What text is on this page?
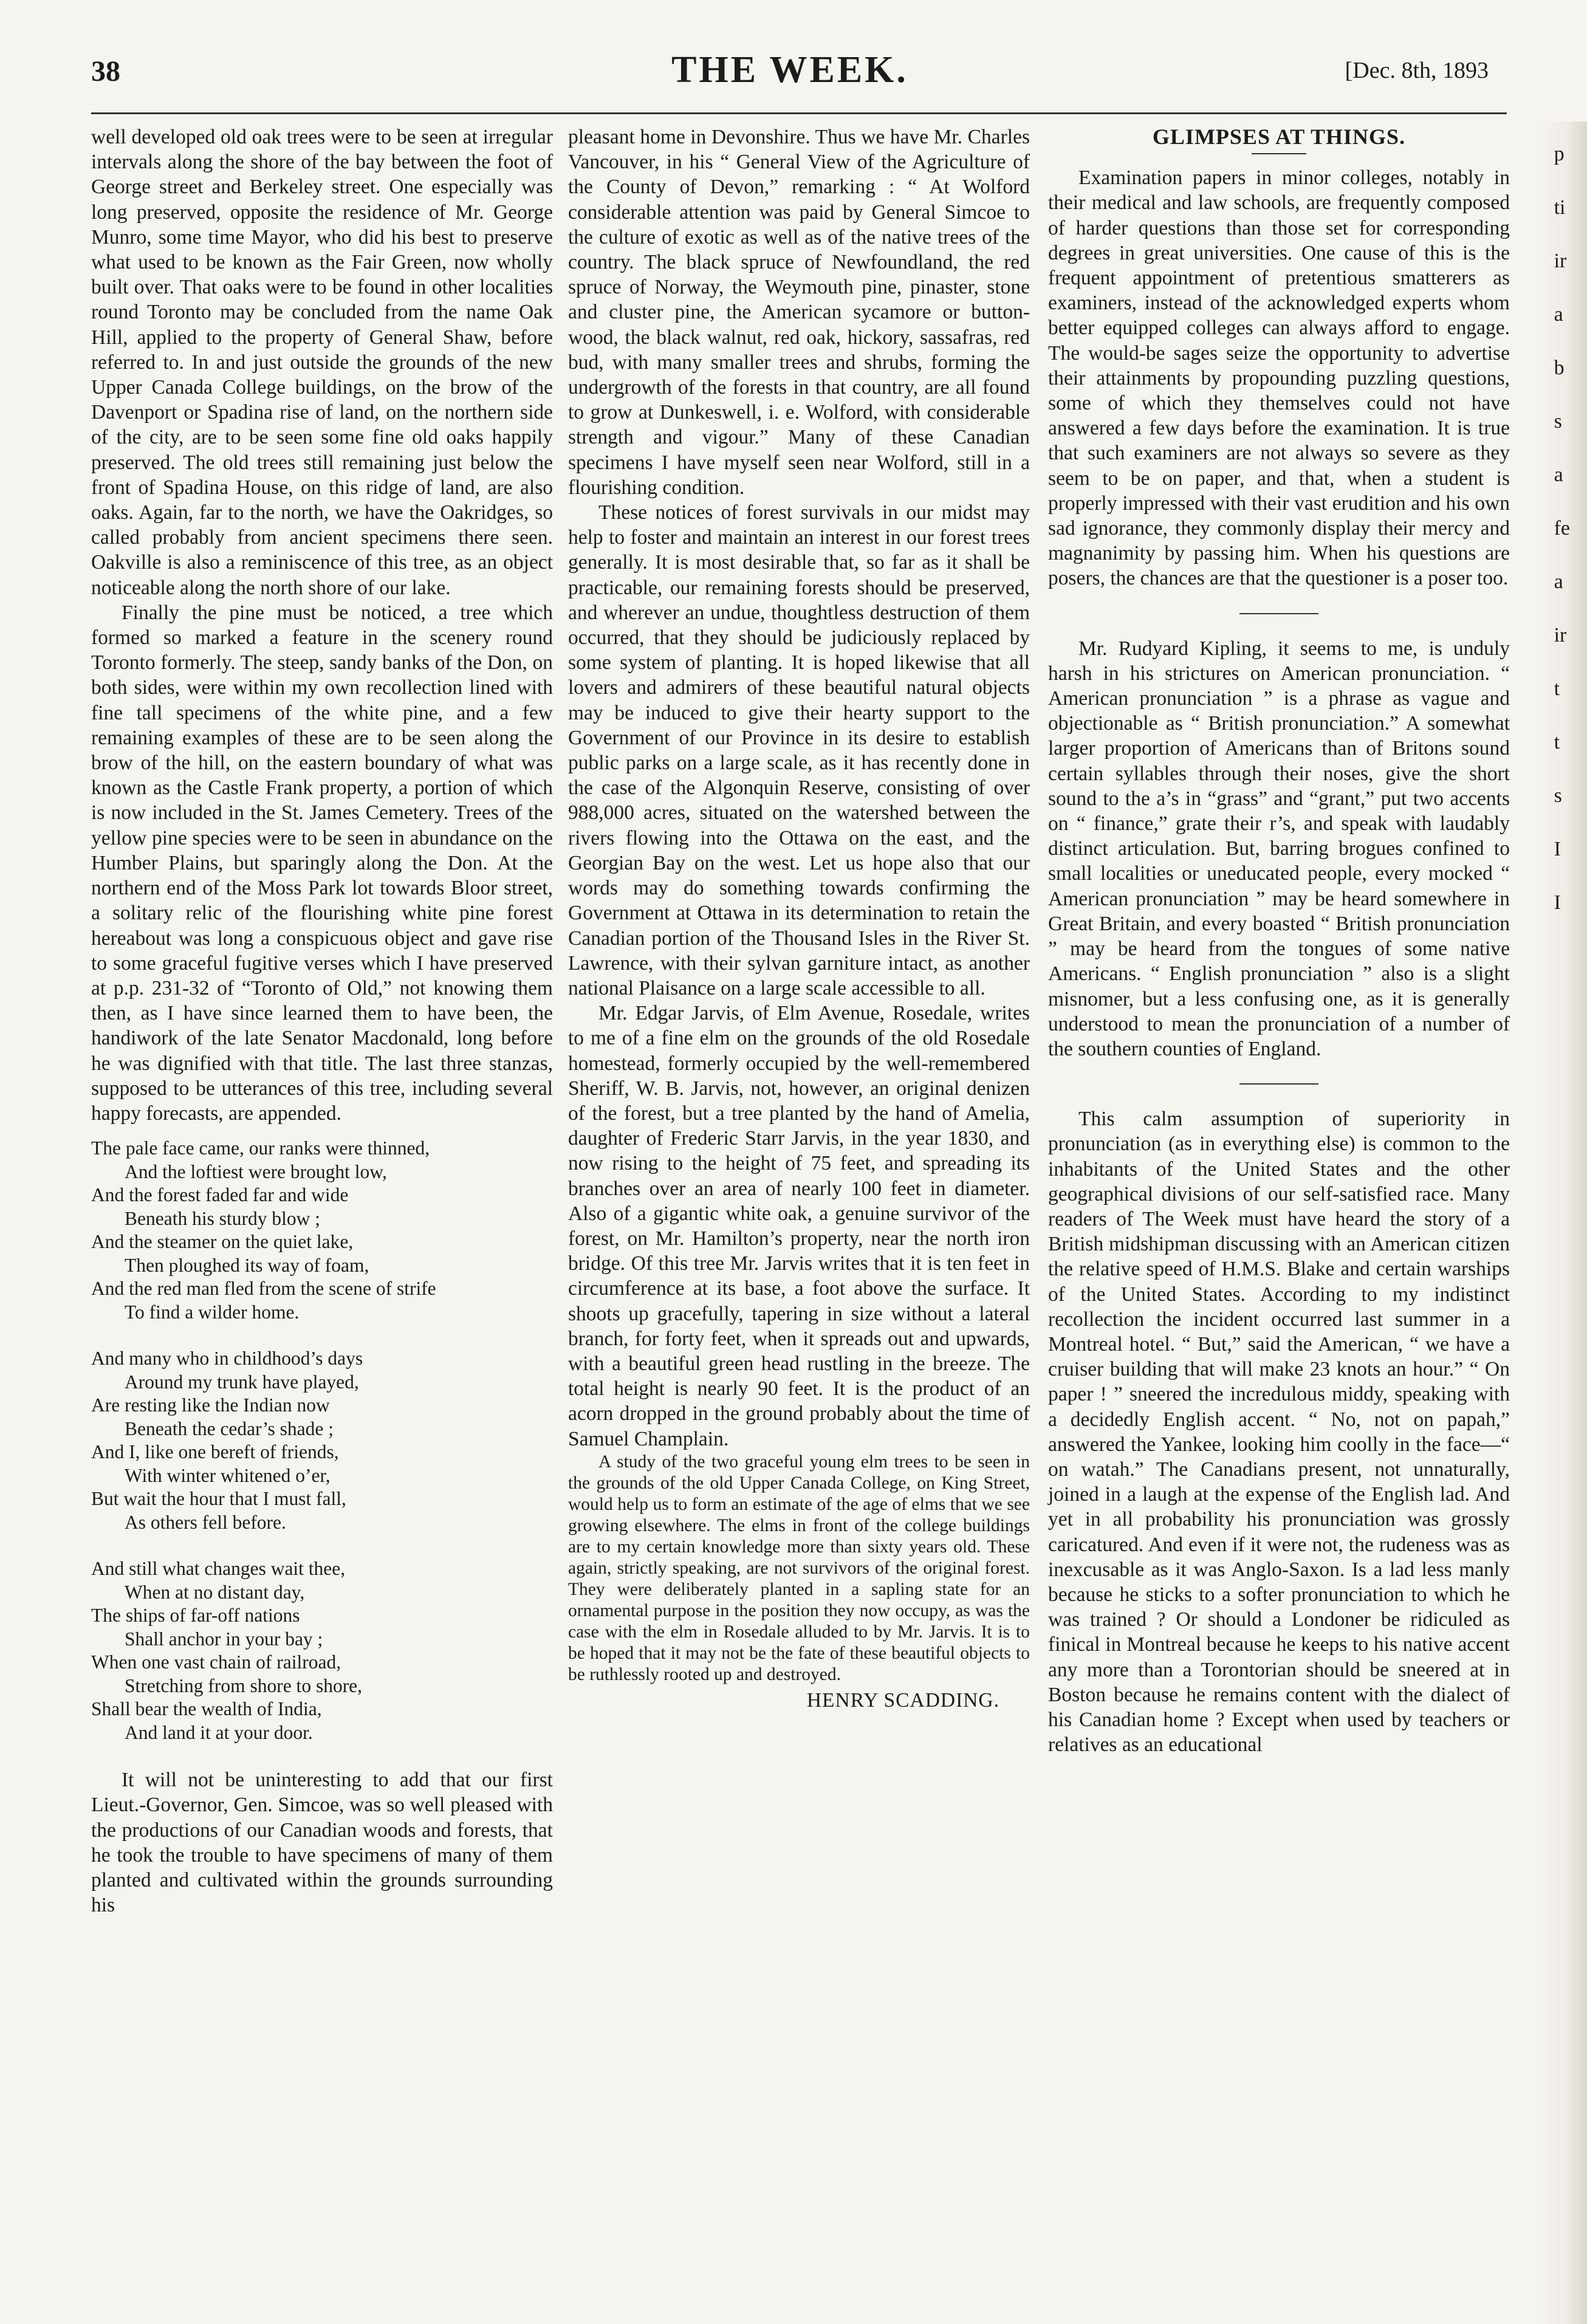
38	THE WEEK.	[Dec. 8th, 1893

well developed old oak trees were to be seen at irregular intervals along the shore of the bay between the foot of George street and Berkeley street. One especially was long preserved, opposite the residence of Mr. George Munro, some time Mayor, who did his best to preserve what used to be known as the Fair Green, now wholly built over. That oaks were to be found in other localities round Toronto may be concluded from the name Oak Hill, applied to the property of General Shaw, before referred to. In and just outside the grounds of the new Upper Canada College buildings, on the brow of the Davenport or Spadina rise of land, on the northern side of the city, are to be seen some fine old oaks happily preserved. The old trees still remaining just below the front of Spadina House, on this ridge of land, are also oaks. Again, far to the north, we have the Oakridges, so called probably from ancient specimens there seen. Oakville is also a reminiscence of this tree, as an object noticeable along the north shore of our lake.

Finally the pine must be noticed, a tree which formed so marked a feature in the scenery round Toronto formerly. The steep, sandy banks of the Don, on both sides, were within my own recollection lined with fine tall specimens of the white pine, and a few remaining examples of these are to be seen along the brow of the hill, on the eastern boundary of what was known as the Castle Frank property, a portion of which is now included in the St. James Cemetery. Trees of the yellow pine species were to be seen in abundance on the Humber Plains, but sparingly along the Don. At the northern end of the Moss Park lot towards Bloor street, a solitary relic of the flourishing white pine forest hereabout was long a conspicuous object and gave rise to some graceful fugitive verses which I have preserved at p.p. 231-32 of “Toronto of Old,” not knowing them then, as I have since learned them to have been, the handiwork of the late Senator Macdonald, long before he was dignified with that title. The last three stanzas, supposed to be utterances of this tree, including several happy forecasts, are appended.

The pale face came, our ranks were thinned,
And the loftiest were brought low,
And the forest faded far and wide
Beneath his sturdy blow ;
And the steamer on the quiet lake,
Then ploughed its way of foam,
And the red man fled from the scene of strife
To find a wilder home.
And many who in childhood’s days
Around my trunk have played,
Are resting like the Indian now
Beneath the cedar’s shade ;
And I, like one bereft of friends,
With winter whitened o’er,
But wait the hour that I must fall,
As others fell before.
And still what changes wait thee,
When at no distant day,
The ships of far-off nations
Shall anchor in your bay ;
When one vast chain of railroad,
Stretching from shore to shore,
Shall bear the wealth of India,
And land it at your door.

It will not be uninteresting to add that our first Lieut.-Governor, Gen. Simcoe, was so well pleased with the productions of our Canadian woods and forests, that he took the trouble to have specimens of many of them planted and cultivated within the grounds surrounding his

pleasant home in Devonshire. Thus we have Mr. Charles Vancouver, in his “ General View of the Agriculture of the County of Devon,” remarking : “ At Wolford considerable attention was paid by General Simcoe to the culture of exotic as well as of the native trees of the country. The black spruce of Newfoundland, the red spruce of Norway, the Weymouth pine, pinaster, stone and cluster pine, the American sycamore or button-wood, the black walnut, red oak, hickory, sassafras, red bud, with many smaller trees and shrubs, forming the undergrowth of the forests in that country, are all found to grow at Dunkeswell, i. e. Wolford, with considerable strength and vigour.” Many of these Canadian specimens I have myself seen near Wolford, still in a flourishing condition.

These notices of forest survivals in our midst may help to foster and maintain an interest in our forest trees generally. It is most desirable that, so far as it shall be practicable, our remaining forests should be preserved, and wherever an undue, thoughtless destruction of them occurred, that they should be judiciously replaced by some system of planting. It is hoped likewise that all lovers and admirers of these beautiful natural objects may be induced to give their hearty support to the Government of our Province in its desire to establish public parks on a large scale, as it has recently done in the case of the Algonquin Reserve, consisting of over 988,000 acres, situated on the watershed between the rivers flowing into the Ottawa on the east, and the Georgian Bay on the west. Let us hope also that our words may do something towards confirming the Government at Ottawa in its determination to retain the Canadian portion of the Thousand Isles in the River St. Lawrence, with their sylvan garniture intact, as another national Plaisance on a large scale accessible to all.

Mr. Edgar Jarvis, of Elm Avenue, Rosedale, writes to me of a fine elm on the grounds of the old Rosedale homestead, formerly occupied by the well-remembered Sheriff, W. B. Jarvis, not, however, an original denizen of the forest, but a tree planted by the hand of Amelia, daughter of Frederic Starr Jarvis, in the year 1830, and now rising to the height of 75 feet, and spreading its branches over an area of nearly 100 feet in diameter. Also of a gigantic white oak, a genuine survivor of the forest, on Mr. Hamilton’s property, near the north iron bridge. Of this tree Mr. Jarvis writes that it is ten feet in circumference at its base, a foot above the surface. It shoots up gracefully, tapering in size without a lateral branch, for forty feet, when it spreads out and upwards, with a beautiful green head rustling in the breeze. The total height is nearly 90 feet. It is the product of an acorn dropped in the ground probably about the time of Samuel Champlain.

A study of the two graceful young elm trees to be seen in the grounds of the old Upper Canada College, on King Street, would help us to form an estimate of the age of elms that we see growing elsewhere. The elms in front of the college buildings are to my certain knowledge more than sixty years old. These again, strictly speaking, are not survivors of the original forest. They were deliberately planted in a sapling state for an ornamental purpose in the position they now occupy, as was the case with the elm in Rosedale alluded to by Mr. Jarvis. It is to be hoped that it may not be the fate of these beautiful objects to be ruthlessly rooted up and destroyed.

HENRY SCADDING.
GLIMPSES AT THINGS.

Examination papers in minor colleges, notably in their medical and law schools, are frequently composed of harder questions than those set for corresponding degrees in great universities. One cause of this is the frequent appointment of pretentious smatterers as examiners, instead of the acknowledged experts whom better equipped colleges can always afford to engage. The would-be sages seize the opportunity to advertise their attainments by propounding puzzling questions, some of which they themselves could not have answered a few days before the examination. It is true that such examiners are not always so severe as they seem to be on paper, and that, when a student is properly impressed with their vast erudition and his own sad ignorance, they commonly display their mercy and magnanimity by passing him. When his questions are posers, the chances are that the questioner is a poser too.

Mr. Rudyard Kipling, it seems to me, is unduly harsh in his strictures on American pronunciation. “ American pronunciation ” is a phrase as vague and objectionable as “ British pronunciation.” A somewhat larger proportion of Americans than of Britons sound certain syllables through their noses, give the short sound to the a’s in “grass” and “grant,” put two accents on “ finance,” grate their r’s, and speak with laudably distinct articulation. But, barring brogues confined to small localities or uneducated people, every mocked “ American pronunciation ” may be heard somewhere in Great Britain, and every boasted “ British pronunciation ” may be heard from the tongues of some native Americans. “ English pronunciation ” also is a slight misnomer, but a less confusing one, as it is generally understood to mean the pronunciation of a number of the southern counties of England.

This calm assumption of superiority in pronunciation (as in everything else) is common to the inhabitants of the United States and the other geographical divisions of our self-satisfied race. Many readers of The Week must have heard the story of a British midshipman discussing with an American citizen the relative speed of H.M.S. Blake and certain warships of the United States. According to my indistinct recollection the incident occurred last summer in a Montreal hotel. “ But,” said the American, “ we have a cruiser building that will make 23 knots an hour.” “ On paper ! ” sneered the incredulous middy, speaking with a decidedly English accent. “ No, not on papah,” answered the Yankee, looking him coolly in the face—“ on watah.” The Canadians present, not unnaturally, joined in a laugh at the expense of the English lad. And yet in all probability his pronunciation was grossly caricatured. And even if it were not, the rudeness was as inexcusable as it was Anglo-Saxon. Is a lad less manly because he sticks to a softer pronunciation to which he was trained ? Or should a Londoner be ridiculed as finical in Montreal because he keeps to his native accent any more than a Torontorian should be sneered at in Boston because he remains content with the dialect of his Canadian home ? Except when used by teachers or relatives as an educational

p
ti
ir
a
b
s
a
fe
a
ir
t
t
s
I
I
